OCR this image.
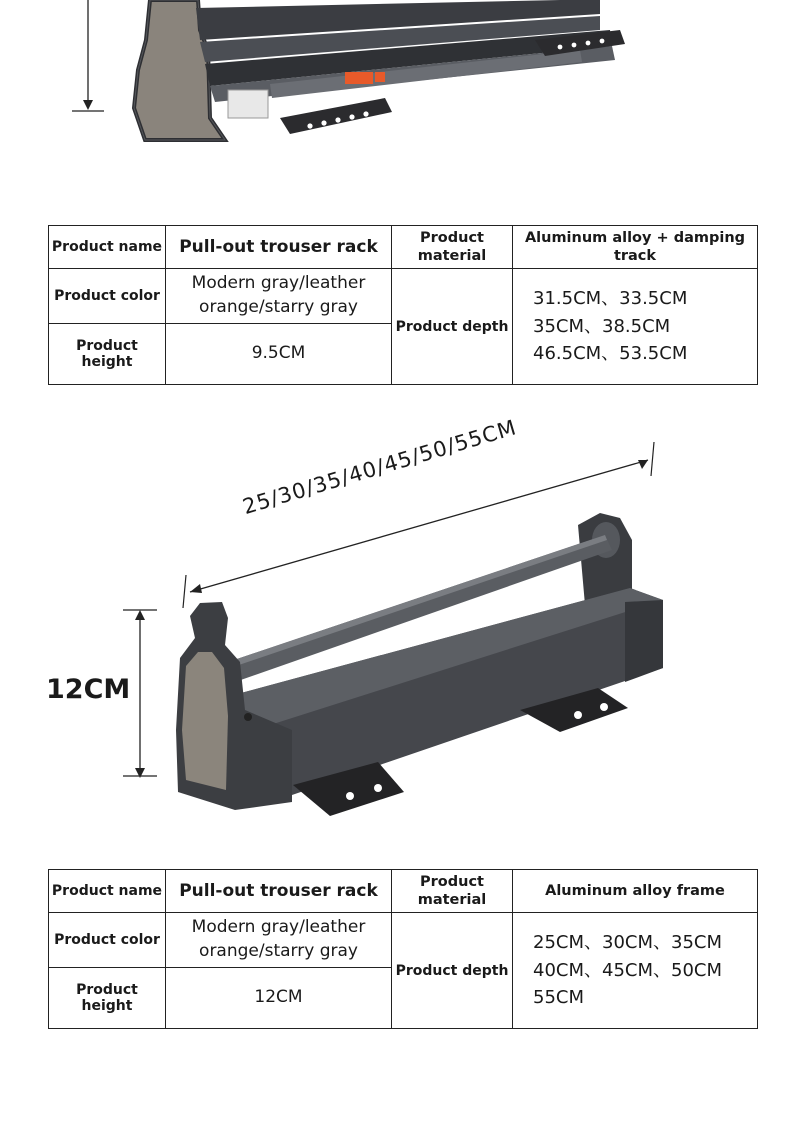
Product name	Pull-out trouser rack	Product material	Aluminum alloy + damping track
Product color	Modern gray/leather orange/starry gray	Product depth	31.5CM、33.5CM
35CM、38.5CM
46.5CM、53.5CM

Product height	9.5CM		
25/30/35/40/45/50/55CM
12CM
Product name	Pull-out trouser rack	Product material	Aluminum alloy frame
Product color	Modern gray/leather orange/starry gray	Product depth	25CM、30CM、35CM
40CM、45CM、50CM
55CM

Product height	12CM		
